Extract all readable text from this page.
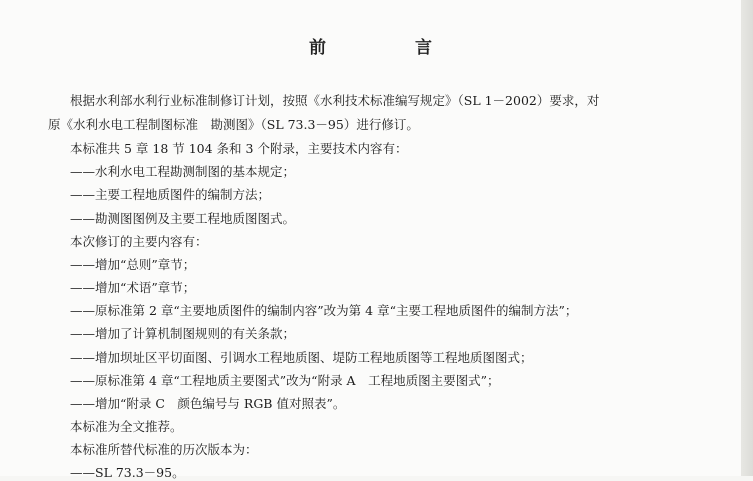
前　言
根据水利部水利行业标准制修订计划，按照《水利技术标准编写规定》（SL 1－2002）要求，对
原《水利水电工程制图标准　勘测图》（SL 73.3－95）进行修订。
本标准共 5 章 18 节 104 条和 3 个附录，主要技术内容有：
——水利水电工程勘测制图的基本规定；
——主要工程地质图件的编制方法；
——勘测图图例及主要工程地质图图式。
本次修订的主要内容有：
——增加“总则”章节；
——增加“术语”章节；
——原标准第 2 章“主要地质图件的编制内容”改为第 4 章“主要工程地质图件的编制方法”；
——增加了计算机制图规则的有关条款；
——增加坝址区平切面图、引调水工程地质图、堤防工程地质图等工程地质图图式；
——原标准第 4 章“工程地质主要图式”改为“附录 A　工程地质图主要图式”；
——增加“附录 C　颜色编号与 RGB 值对照表”。
本标准为全文推荐。
本标准所替代标准的历次版本为：
——SL 73.3－95。
